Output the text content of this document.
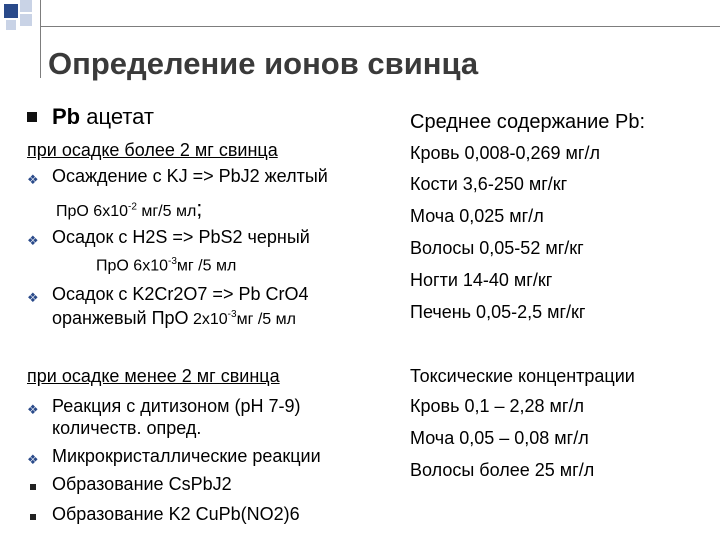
Определение ионов свинца
Pb ацетат
при осадке более 2 мг свинца
❖ Осаждение с KJ => PbJ2 желтый
ПрО $6х10^{-2}$ мг/5 мл;
❖ Осадок с H2S => PbS2 черный
ПрО $6х10^{-3}мг$ /5 мл
❖ Осадок с K2Cr2O7 => Pb CrO4
оранжевый ПрО $2х10^{-3}мг$ /5 мл
при осадке менее 2 мг свинца
❖ Реакция с дитизоном (рН 7-9)
количеств. опред.
❖ Микрокристаллические реакции
Образование CsPbJ2
Образование K2 CuPb(NO2)6
Среднее содержание Pb:
Кровь 0,008-0,269 мг/л
Кости 3,6-250 мг/кг
Моча 0,025 мг/л
Волосы 0,05-52 мг/кг
Ногти 14-40 мг/кг
Печень 0,05-2,5 мг/кг
Токсические концентрации
Кровь 0,1 – 2,28 мг/л
Моча 0,05 – 0,08 мг/л
Волосы более 25 мг/л
